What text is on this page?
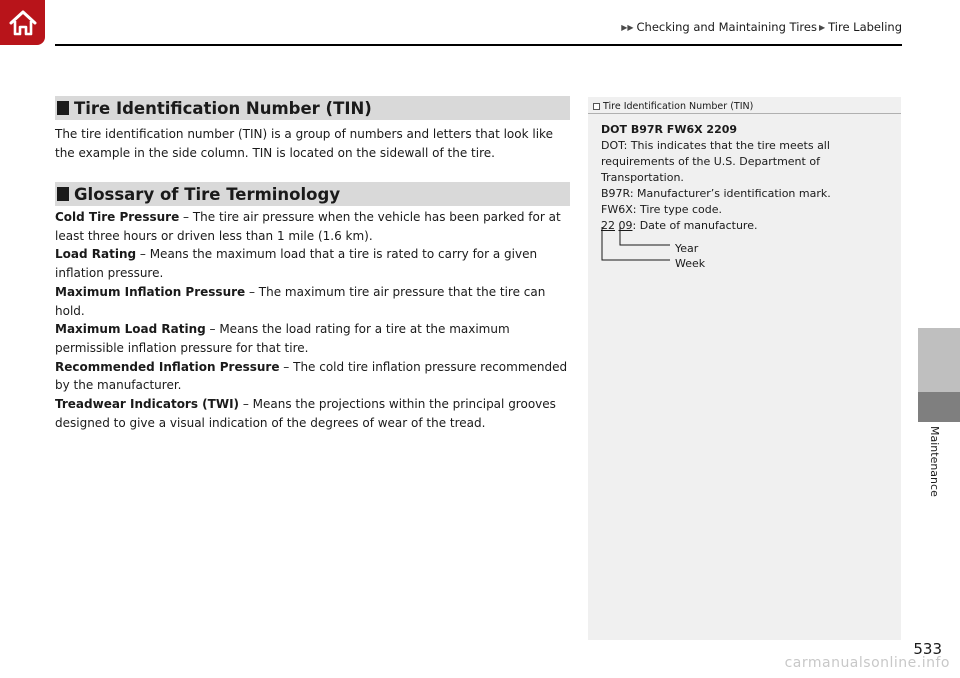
▶▶ Checking and Maintaining Tires ▶ Tire Labeling
Tire Identification Number (TIN)
The tire identification number (TIN) is a group of numbers and letters that look like the example in the side column. TIN is located on the sidewall of the tire.
Glossary of Tire Terminology

Cold Tire Pressure – The tire air pressure when the vehicle has been parked for at least three hours or driven less than 1 mile (1.6 km).

Load Rating – Means the maximum load that a tire is rated to carry for a given inflation pressure.

Maximum Inflation Pressure – The maximum tire air pressure that the tire can hold.

Maximum Load Rating – Means the load rating for a tire at the maximum permissible inflation pressure for that tire.

Recommended Inflation Pressure – The cold tire inflation pressure recommended by the manufacturer.

Treadwear Indicators (TWI) – Means the projections within the principal grooves designed to give a visual indication of the degrees of wear of the tread.

Tire Identification Number (TIN)

DOT B97R FW6X 2209

DOT: This indicates that the tire meets all requirements of the U.S. Department of Transportation.

B97R: Manufacturer’s identification mark.

FW6X: Tire type code.

22 09: Date of manufacture.

Year
Week
Maintenance
533
carmanualsonline.info
